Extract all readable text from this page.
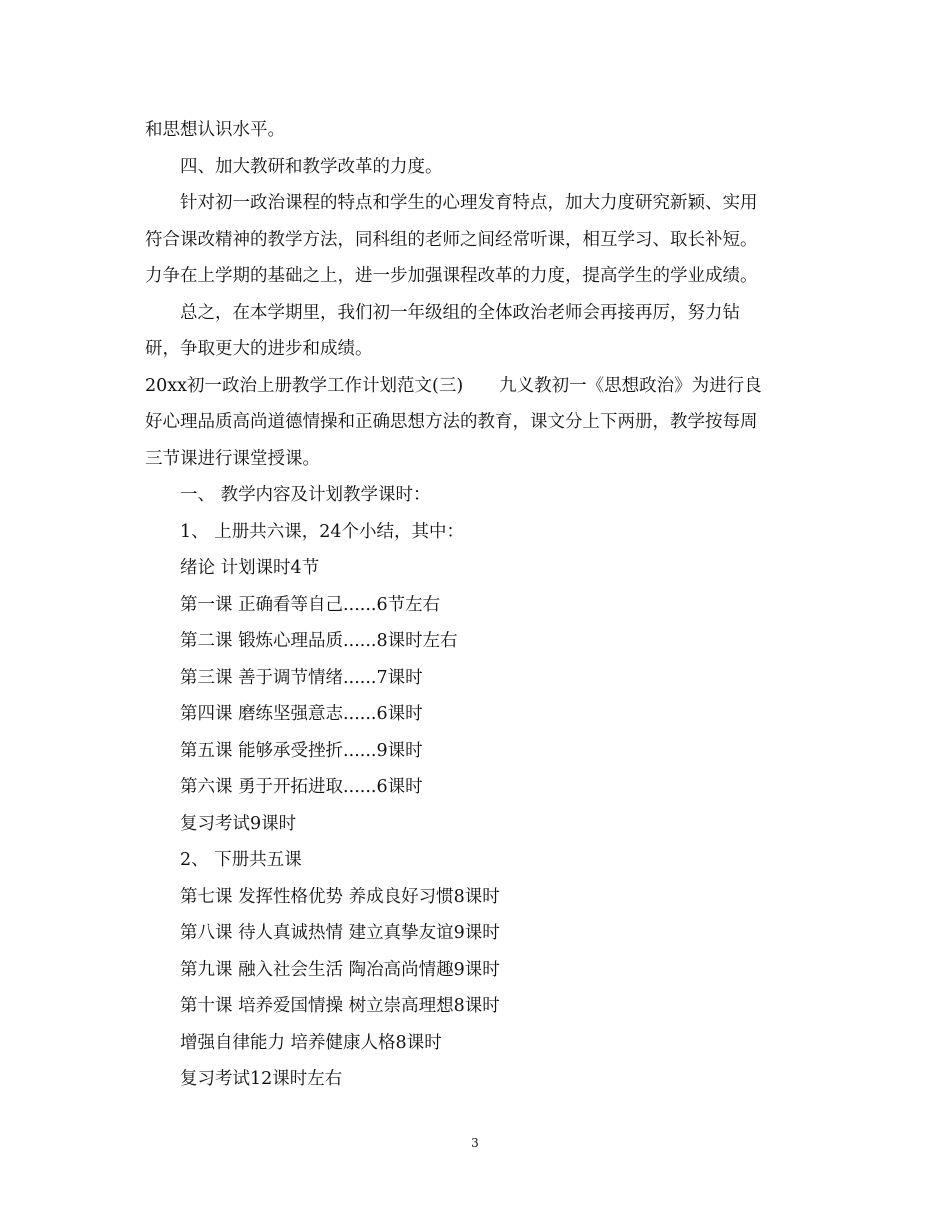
和思想认识水平。
四、加大教研和教学改革的力度。
针对初一政治课程的特点和学生的心理发育特点，加大力度研究新颖、实用
符合课改精神的教学方法，同科组的老师之间经常听课，相互学习、取长补短。
力争在上学期的基础之上，进一步加强课程改革的力度，提高学生的学业成绩。
总之，在本学期里，我们初一年级组的全体政治老师会再接再厉，努力钻
研，争取更大的进步和成绩。
20xx初一政治上册教学工作计划范文(三) 九义教初一《思想政治》为进行良
好心理品质高尚道德情操和正确思想方法的教育，课文分上下两册，教学按每周
三节课进行课堂授课。
一、 教学内容及计划教学课时：
1、 上册共六课，24个小结，其中：
绪论 计划课时4节
第一课 正确看等自己......6节左右
第二课 锻炼心理品质......8课时左右
第三课 善于调节情绪......7课时
第四课 磨练坚强意志......6课时
第五课 能够承受挫折......9课时
第六课 勇于开拓进取......6课时
复习考试9课时
2、 下册共五课
第七课 发挥性格优势 养成良好习惯8课时
第八课 待人真诚热情 建立真挚友谊9课时
第九课 融入社会生活 陶冶高尚情趣9课时
第十课 培养爱国情操 树立崇高理想8课时
增强自律能力 培养健康人格8课时
复习考试12课时左右
3
